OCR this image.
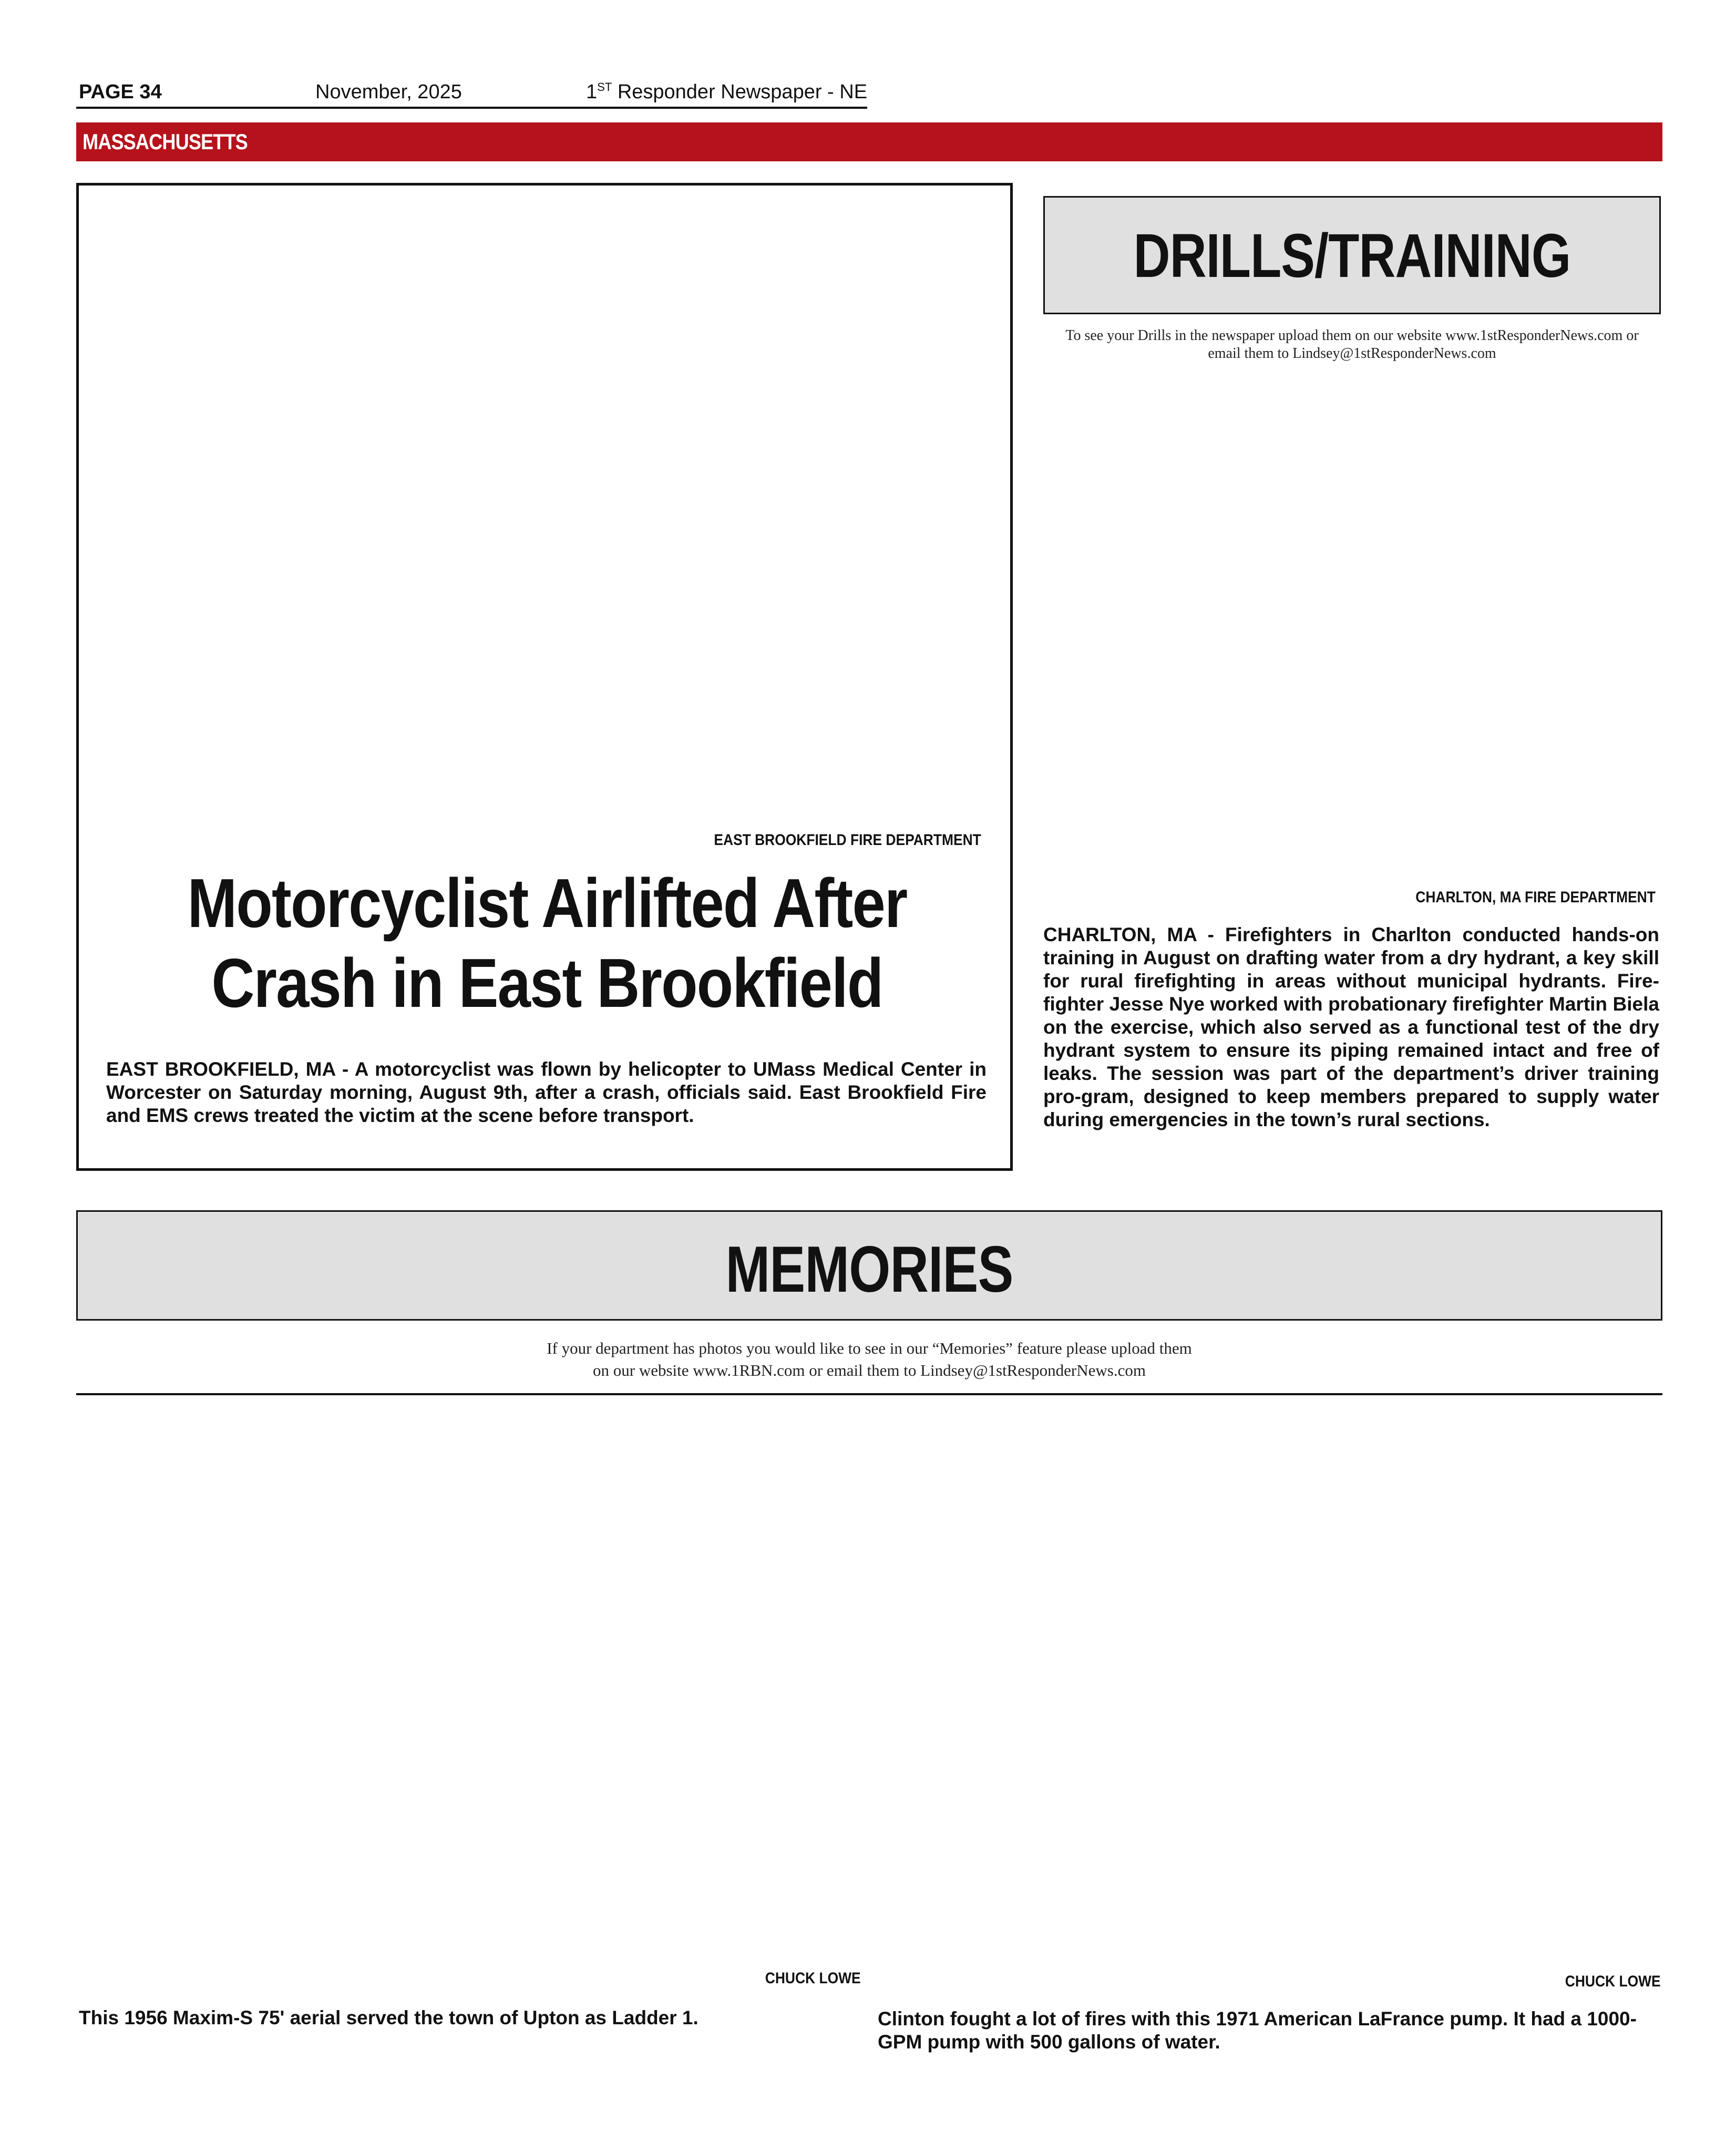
PAGE 34	November, 2025	1ST Responder Newspaper - NE
MASSACHUSETTS
EAST BROOKFIELD FIRE DEPARTMENT
Motorcyclist Airlifted After
Crash in East Brookfield
EAST BROOKFIELD, MA - A motorcyclist was flown by helicopter to UMass Medical Center in Worcester on Saturday morning, August 9th, after a crash, officials said. East Brookfield Fire and EMS crews treated the victim at the scene before transport.
DRILLS/TRAINING
To see your Drills in the newspaper upload them on our website www.1stResponderNews.com or
email them to Lindsey@1stResponderNews.com
CHARLTON, MA FIRE DEPARTMENT
CHARLTON, MA - Firefighters in Charlton conducted hands-on training in August on drafting water from a dry hydrant, a key skill for rural firefighting in areas without municipal hydrants. Fire-fighter Jesse Nye worked with probationary firefighter Martin Biela on the exercise, which also served as a functional test of the dry hydrant system to ensure its piping remained intact and free of leaks. The session was part of the department’s driver training pro-gram, designed to keep members prepared to supply water during emergencies in the town’s rural sections.
MEMORIES
If your department has photos you would like to see in our “Memories” feature please upload them
on our website www.1RBN.com or email them to Lindsey@1stResponderNews.com
CHUCK LOWE
This 1956 Maxim-S 75' aerial served the town of Upton as Ladder 1.
CHUCK LOWE
Clinton fought a lot of fires with this 1971 American LaFrance pump. It had a 1000-GPM pump with 500 gallons of water.
